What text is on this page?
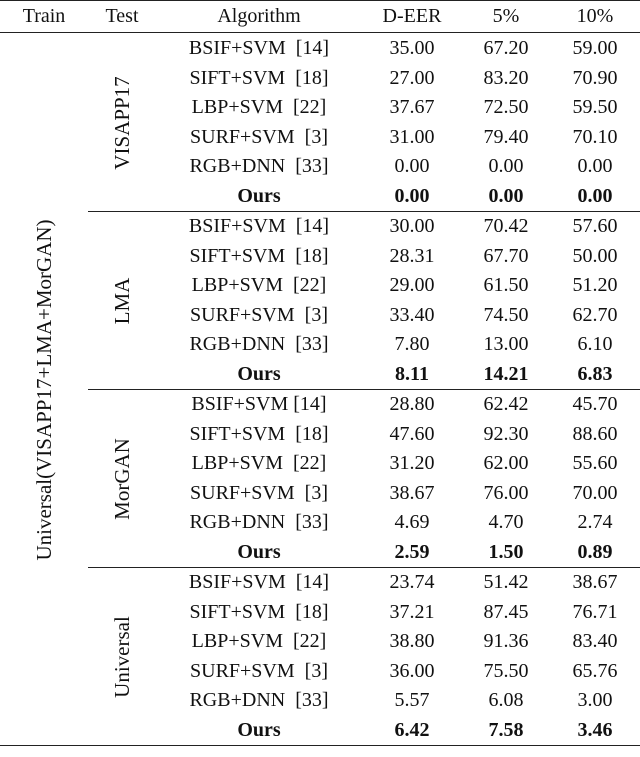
Train	Test	Algorithm	D-EER	5%	10%
Universal(VISAPP17+LMA+MorGAN)
VISAPP17
BSIF+SVM  [14]	35.00	67.20	59.00
SIFT+SVM  [18]	27.00	83.20	70.90
LBP+SVM  [22]	37.67	72.50	59.50
SURF+SVM  [3]	31.00	79.40	70.10
RGB+DNN  [33]	0.00	0.00	0.00
Ours	0.00	0.00	0.00
LMA
BSIF+SVM  [14]	30.00	70.42	57.60
SIFT+SVM  [18]	28.31	67.70	50.00
LBP+SVM  [22]	29.00	61.50	51.20
SURF+SVM  [3]	33.40	74.50	62.70
RGB+DNN  [33]	7.80	13.00	6.10
Ours	8.11	14.21	6.83
MorGAN
BSIF+SVM [14]	28.80	62.42	45.70
SIFT+SVM  [18]	47.60	92.30	88.60
LBP+SVM  [22]	31.20	62.00	55.60
SURF+SVM  [3]	38.67	76.00	70.00
RGB+DNN  [33]	4.69	4.70	2.74
Ours	2.59	1.50	0.89
Universal
BSIF+SVM  [14]	23.74	51.42	38.67
SIFT+SVM  [18]	37.21	87.45	76.71
LBP+SVM  [22]	38.80	91.36	83.40
SURF+SVM  [3]	36.00	75.50	65.76
RGB+DNN  [33]	5.57	6.08	3.00
Ours	6.42	7.58	3.46
